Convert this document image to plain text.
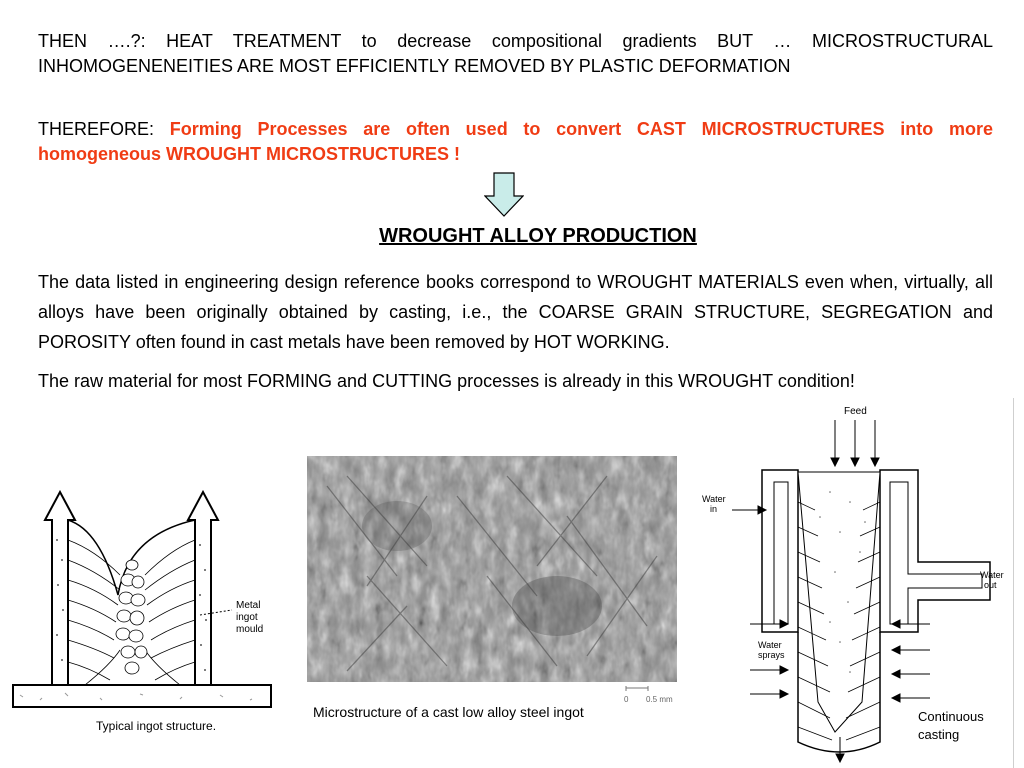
THEN ….?: HEAT TREATMENT to decrease compositional gradients BUT … MICROSTRUCTURAL INHOMOGENENEITIES ARE MOST EFFICIENTLY REMOVED BY PLASTIC DEFORMATION
THEREFORE: Forming Processes are often used to convert CAST MICROSTRUCTURES into more homogeneous WROUGHT MICROSTRUCTURES !
WROUGHT ALLOY PRODUCTION
The data listed in engineering design reference books correspond to WROUGHT MATERIALS even when, virtually, all alloys have been originally obtained by casting, i.e., the COARSE GRAIN STRUCTURE, SEGREGATION and POROSITY often found in cast metals have been removed by HOT WORKING.
The raw material for most FORMING and CUTTING processes is already in this WROUGHT condition!
Metal
ingot
mould
Typical ingot structure.
0 0.5 mm
Microstructure of a cast low alloy steel ingot
Feed
Water
in
Water
out
Water
sprays
Continuous casting
